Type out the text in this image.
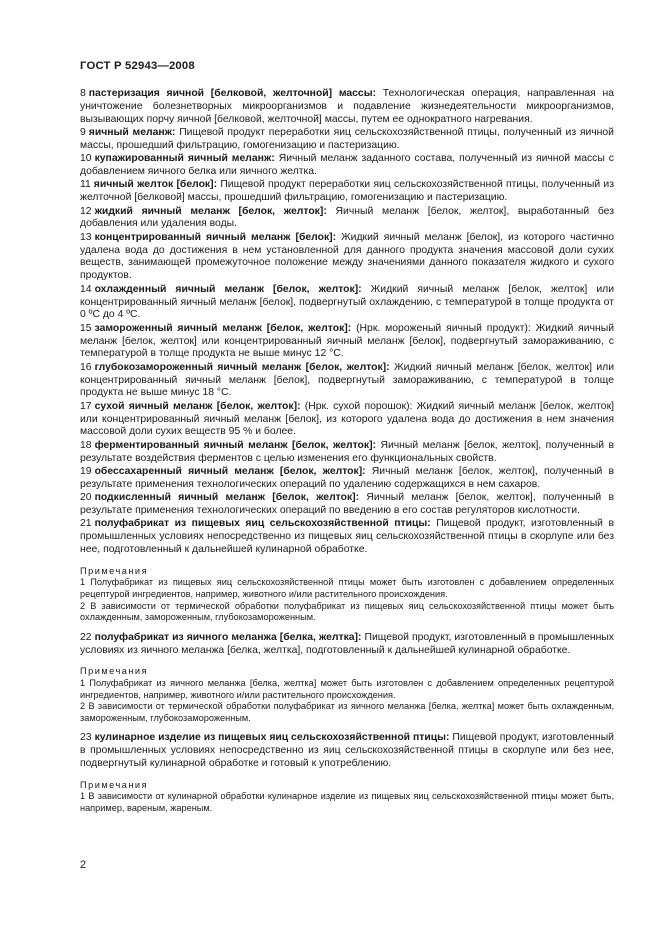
ГОСТ Р 52943—2008

8 пастеризация яичной [белковой, желточной] массы : Технологическая операция, направленная на уничтожение болезнетворных микроорганизмов и подавление жизнедеятельности микроорганизмов, вызывающих порчу яичной [белковой, желточной] массы, путем ее однократного нагревания.

9 яичный меланж : Пищевой продукт переработки яиц сельскохозяйственной птицы, полученный из яичной массы, прошедший фильтрацию, гомогенизацию и пастеризацию.

10 купажированный яичный меланж : Яичный меланж заданного состава, полученный из яичной массы с добавлением яичного белка или яичного желтка.

11 яичный желток [белок] : Пищевой продукт переработки яиц сельскохозяйственной птицы, полученный из желточной [белковой] массы, прошедший фильтрацию, гомогенизацию и пастеризацию.

12 жидкий яичный меланж [белок, желток] : Яичный меланж [белок, желток], выработанный без добавления или удаления воды.

13 концентрированный яичный меланж [белок] : Жидкий яичный меланж [белок], из которого частично удалена вода до достижения в нем установленной для данного продукта значения массовой доли сухих веществ, занимающей промежуточное положение между значениями данного показателя жидкого и сухого продуктов.

14 охлажденный яичный меланж [белок, желток] : Жидкий яичный меланж [белок, желток] или концентрированный яичный меланж [белок], подвергнутый охлаждению, с температурой в толще продукта от 0 ºС до 4 ºС.

15 замороженный яичный меланж [белок, желток] : (Нрк. мороженый яичный продукт): Жидкий яичный меланж [белок, желток] или концентрированный яичный меланж [белок], подвергнутый замораживанию, с температурой в толще продукта не выше минус 12 °С.

16 глубокозамороженный яичный меланж [белок, желток] : Жидкий яичный меланж [белок, желток] или концентрированный яичный меланж [белок], подвергнутый замораживанию, с температурой в толще продукта не выше минус 18 °С.

17 сухой яичный меланж [белок, желток] : (Нрк. сухой порошок): Жидкий яичный меланж [белок, желток] или концентрированный яичный меланж [белок], из которого удалена вода до достижения в нем значения массовой доли сухих веществ 95 % и более.

18 ферментированный яичный меланж [белок, желток] : Яичный меланж [белок, желток], полученный в результате воздействия ферментов с целью изменения его функциональных свойств.

19 обессахаренный яичный меланж [белок, желток] : Яичный меланж [белок, желток], полученный в результате применения технологических операций по удалению содержащихся в нем сахаров.

20 подкисленный яичный меланж [белок, желток] : Яичный меланж [белок, желток], полученный в результате применения технологических операций по введению в его состав регуляторов кислотности.

21 полуфабрикат из пищевых яиц сельскохозяйственной птицы : Пищевой продукт, изготовленный в промышленных условиях непосредственно из пищевых яиц сельскохозяйственной птицы в скорлупе или без нее, подготовленный к дальнейшей кулинарной обработке.

Примечания

1 Полуфабрикат из пищевых яиц сельскохозяйственной птицы может быть изготовлен с добавлением определенных рецептурой ингредиентов, например, животного и/или растительного происхождения.

2 В зависимости от термической обработки полуфабрикат из пищевых яиц сельскохозяйственной птицы может быть охлажденным, замороженным, глубокозамороженным.

22 полуфабрикат из яичного меланжа [белка, желтка] : Пищевой продукт, изготовленный в промышленных условиях из яичного меланжа [белка, желтка], подготовленный к дальнейшей кулинарной обработке.

Примечания

1 Полуфабрикат из яичного меланжа [белка, желтка] может быть изготовлен с добавлением определенных рецептурой ингредиентов, например, животного и/или растительного происхождения.

2 В зависимости от термической обработки полуфабрикат из яичного меланжа [белка, желтка] может быть охлажденным, замороженным, глубокозамороженным.

23 кулинарное изделие из пищевых яиц сельскохозяйственной птицы : Пищевой продукт, изготовленный в промышленных условиях непосредственно из яиц сельскохозяйственной птицы в скорлупе или без нее, подвергнутый кулинарной обработке и готовый к употреблению.

Примечания

1 В зависимости от кулинарной обработки кулинарное изделие из пищевых яиц сельскохозяйственной птицы может быть, например, вареным, жареным.

2
